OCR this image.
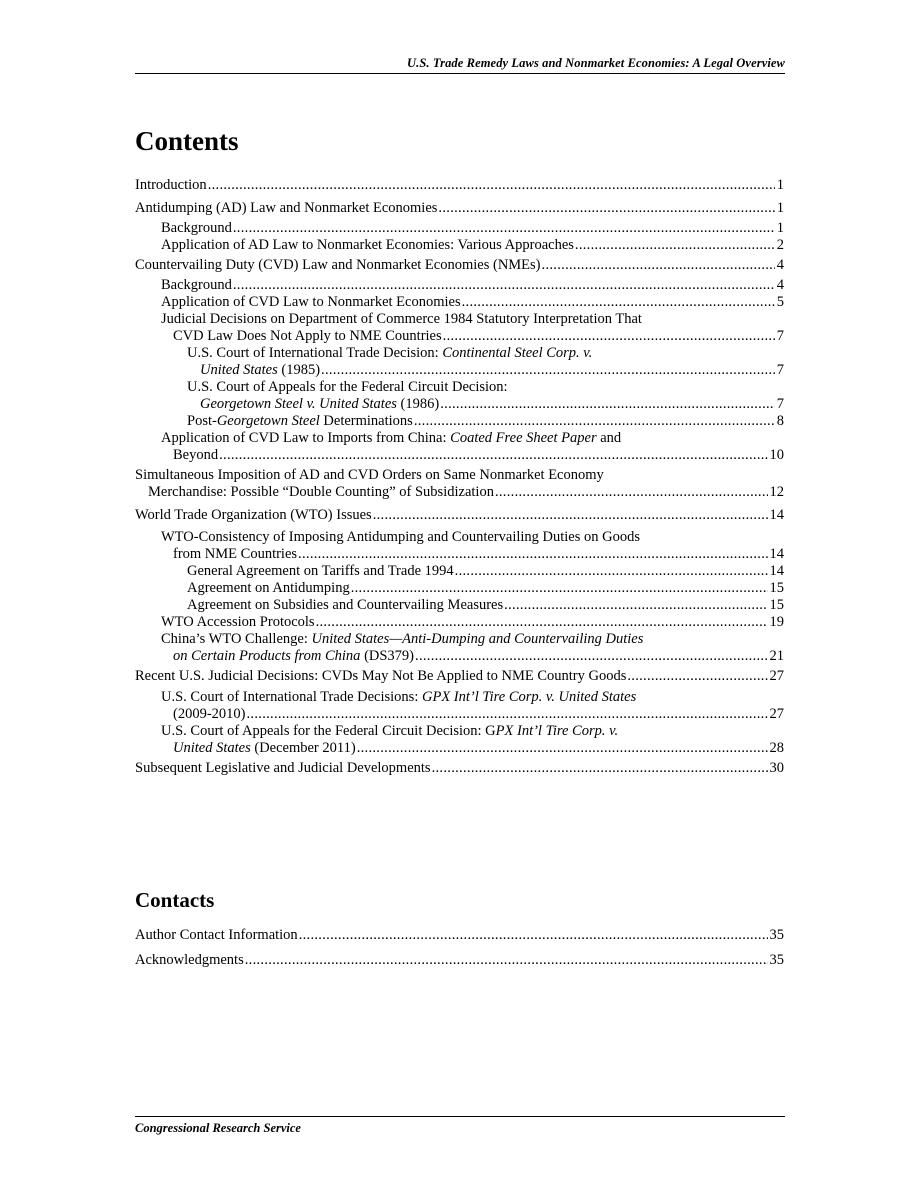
U.S. Trade Remedy Laws and Nonmarket Economies: A Legal Overview
Contents
Introduction .....	1
Antidumping (AD) Law and Nonmarket Economies .....	1
Background .....	1
Application of AD Law to Nonmarket Economies: Various Approaches .....	2
Countervailing Duty (CVD) Law and Nonmarket Economies (NMEs) .....	4
Background .....	4
Application of CVD Law to Nonmarket Economies .....	5
Judicial Decisions on Department of Commerce 1984 Statutory Interpretation That
CVD Law Does Not Apply to NME Countries .....	7
U.S. Court of International Trade Decision: Continental Steel Corp. v.
United States (1985) .....	7
U.S. Court of Appeals for the Federal Circuit Decision:
Georgetown Steel v. United States (1986) .....	7
Post-Georgetown Steel Determinations .....	8
Application of CVD Law to Imports from China: Coated Free Sheet Paper and
Beyond .....	10
Simultaneous Imposition of AD and CVD Orders on Same Nonmarket Economy
Merchandise: Possible “Double Counting” of Subsidization .....	12
World Trade Organization (WTO) Issues .....	14
WTO-Consistency of Imposing Antidumping and Countervailing Duties on Goods
from NME Countries .....	14
General Agreement on Tariffs and Trade 1994 .....	14
Agreement on Antidumping .....	15
Agreement on Subsidies and Countervailing Measures .....	15
WTO Accession Protocols .....	19
China’s WTO Challenge: United States—Anti-Dumping and Countervailing Duties
on Certain Products from China (DS379) .....	21
Recent U.S. Judicial Decisions: CVDs May Not Be Applied to NME Country Goods .....	27
U.S. Court of International Trade Decisions: GPX Int’l Tire Corp. v. United States
(2009-2010) .....	27
U.S. Court of Appeals for the Federal Circuit Decision: GPX Int’l Tire Corp. v.
United States (December 2011) .....	28
Subsequent Legislative and Judicial Developments .....	30
Contacts
Author Contact Information .....	35
Acknowledgments .....	35
Congressional Research Service
